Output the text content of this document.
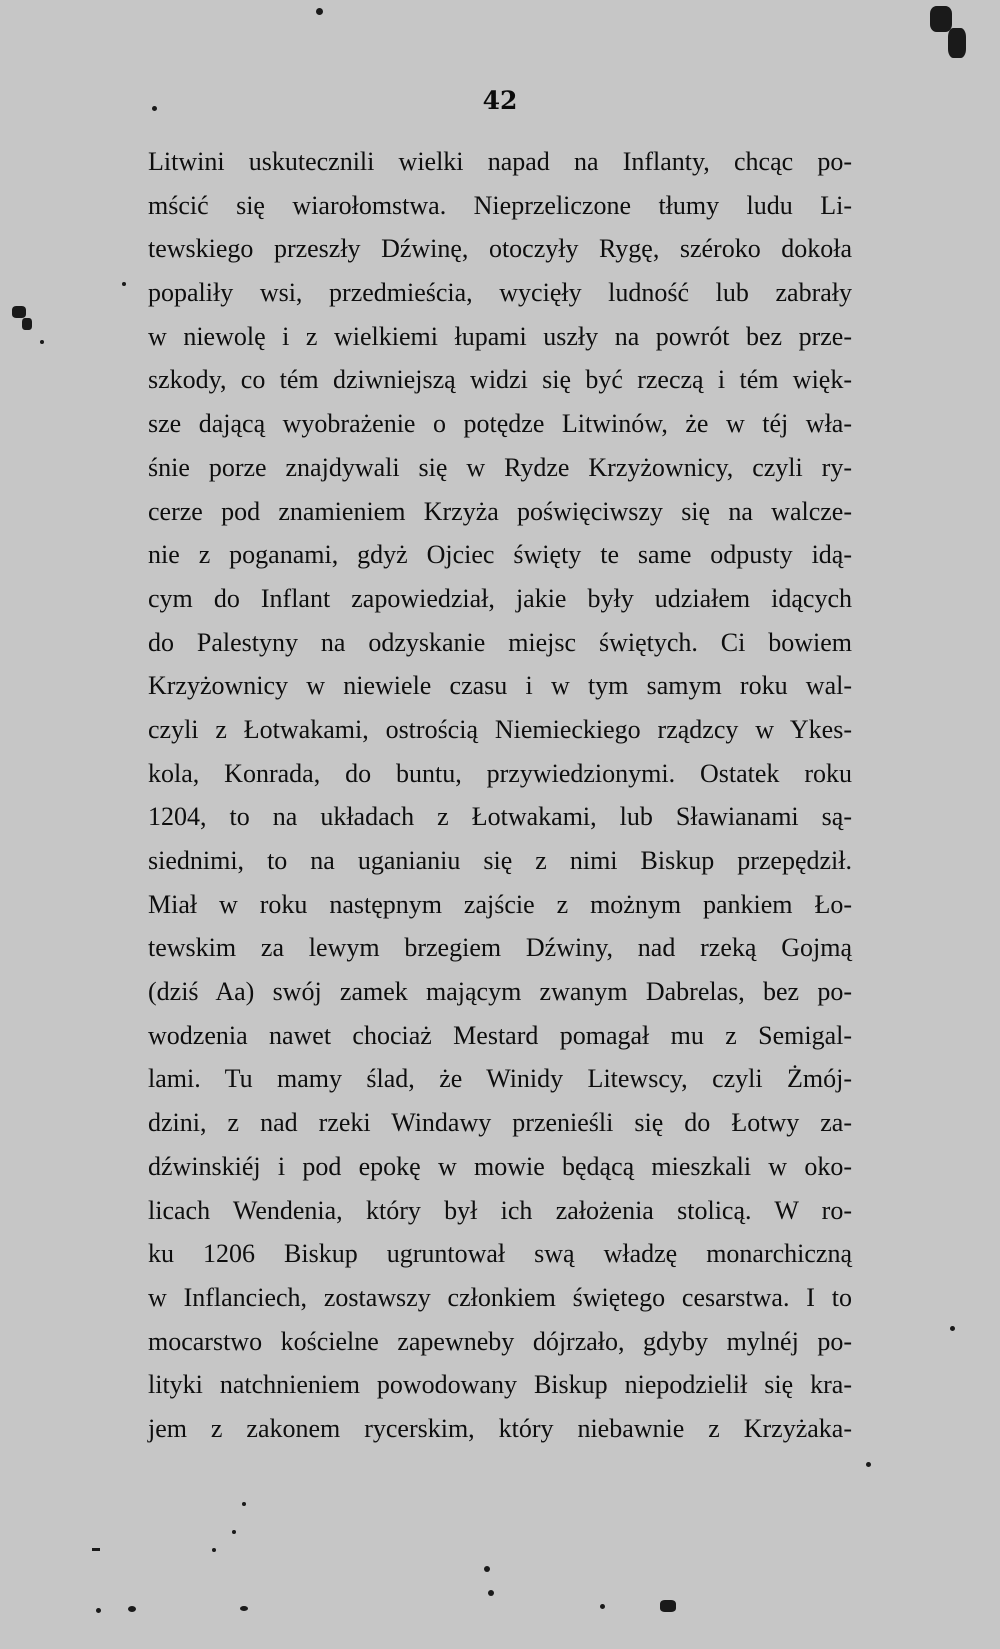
42
Litwini uskutecznili wielki napad na Inflanty, chcąc po-
mścić się wiarołomstwa. Nieprzeliczone tłumy ludu Li-
tewskiego przeszły Dźwinę, otoczyły Rygę, széroko dokoła
popaliły wsi, przedmieścia, wycięły ludność lub zabrały
w niewolę i z wielkiemi łupami uszły na powrót bez prze-
szkody, co tém dziwniejszą widzi się być rzeczą i tém więk-
sze dającą wyobrażenie o potędze Litwinów, że w téj wła-
śnie porze znajdywali się w Rydze Krzyżownicy, czyli ry-
cerze pod znamieniem Krzyża poświęciwszy się na walcze-
nie z poganami, gdyż Ojciec święty te same odpusty idą-
cym do Inflant zapowiedział, jakie były udziałem idących
do Palestyny na odzyskanie miejsc świętych. Ci bowiem
Krzyżownicy w niewiele czasu i w tym samym roku wal-
czyli z Łotwakami, ostrością Niemieckiego rządzcy w Ykes-
kola, Konrada, do buntu, przywiedzionymi. Ostatek roku
1204, to na układach z Łotwakami, lub Sławianami są-
siednimi, to na uganianiu się z nimi Biskup przepędził.
Miał w roku następnym zajście z możnym pankiem Ło-
tewskim za lewym brzegiem Dźwiny, nad rzeką Gojmą
(dziś Aa) swój zamek mającym zwanym Dabrelas, bez po-
wodzenia nawet chociaż Mestard pomagał mu z Semigal-
lami. Tu mamy ślad, że Winidy Litewscy, czyli Żmój-
dzini, z nad rzeki Windawy przenieśli się do Łotwy za-
dźwinskiéj i pod epokę w mowie będącą mieszkali w oko-
licach Wendenia, który był ich założenia stolicą. W ro-
ku 1206 Biskup ugruntował swą władzę monarchiczną
w Inflanciech, zostawszy członkiem świętego cesarstwa. I to
mocarstwo kościelne zapewneby dójrzało, gdyby mylnéj po-
lityki natchnieniem powodowany Biskup niepodzielił się kra-
jem z zakonem rycerskim, który niebawnie z Krzyżaka-
